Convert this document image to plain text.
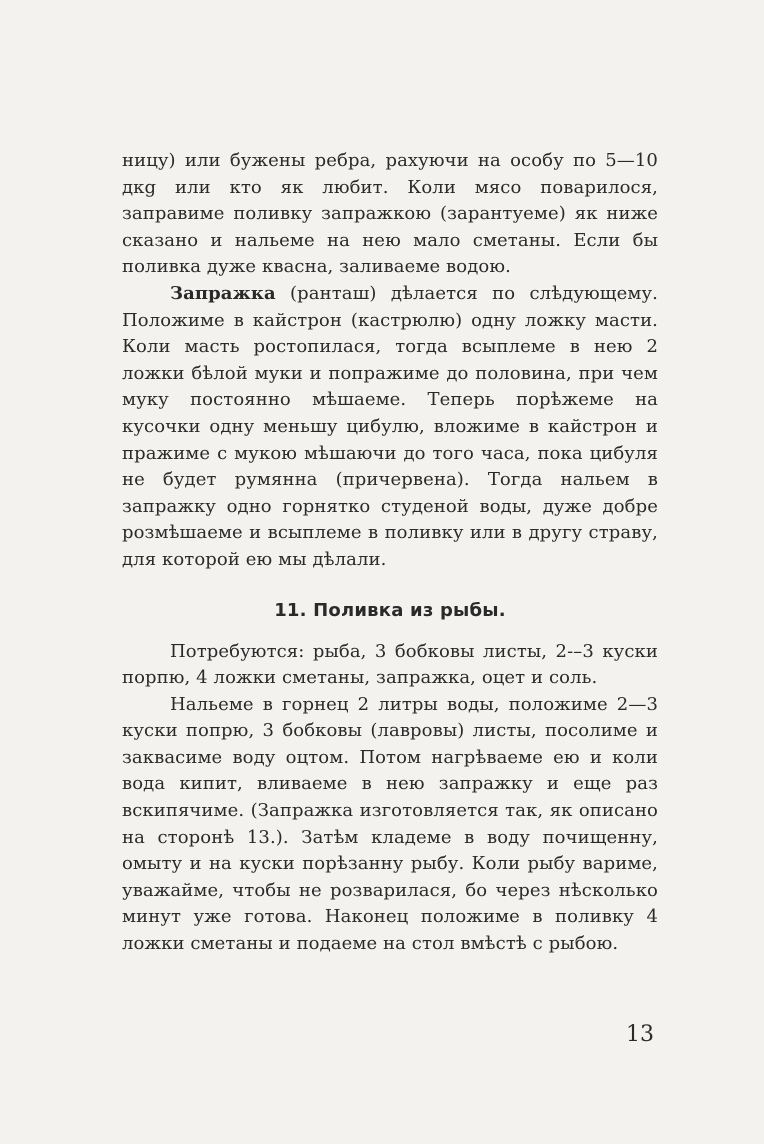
ницу) или бужены ребра, рахуючи на особу по 5—10 дкg или кто як любит. Коли мясо поварилося, заправиме поливку запражкою (зарантуеме) як ниже сказано и нальеме на нею мало сметаны. Если бы поливка дуже квасна, заливаеме водою.

Запражка (ранташ) дѣлается по слѣдующему. Положиме в кайстрон (кастрюлю) одну ложку масти. Коли масть ростопилася, тогда всыплеме в нею 2 ложки бѣлой муки и попражиме до половина, при чем муку постоянно мѣшаеме. Теперь порѣжеме на кусочки одну меньшу цибулю, вложиме в кайстрон и пражиме с мукою мѣшаючи до того часа, пока цибуля не будет румянна (причервена). Тогда нальем в запражку одно горнятко студеной воды, дуже добре розмѣшаеме и всыплеме в поливку или в другу страву, для которой ею мы дѣлали.

11. Поливка из рыбы.

Потребуются: рыба, 3 бобковы листы, 2-–3 куски порпю, 4 ложки сметаны, запражка, оцет и соль.

Нальеме в горнец 2 литры воды, положиме 2—3 куски попрю, 3 бобковы (лавровы) листы, посолиме и заквасиме воду оцтом. Потом нагрѣваеме ею и коли вода кипит, вливаеме в нею запражку и еще раз вскипячиме. (Запражка изготовляется так, як описано на сторонѣ 13.). Затѣм кладеме в воду почищенну, омыту и на куски порѣзанну рыбу. Коли рыбу вариме, уважайме, чтобы не розварилася, бо через нѣсколько минут уже готова. Наконец положиме в поливку 4 ложки сметаны и подаеме на стол вмѣстѣ с рыбою.

13
